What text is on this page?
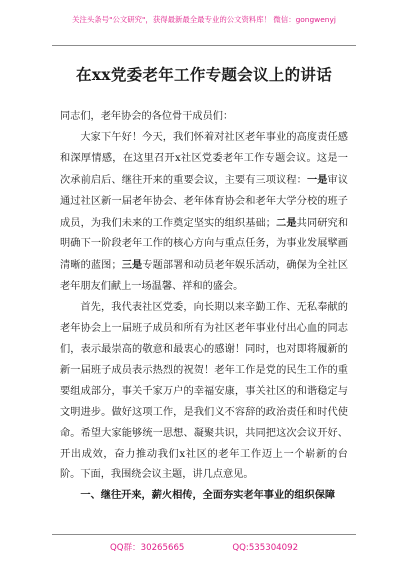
关注头条号"公文研究"，获得最新最全最专业的公文资料库！ 微信：gongwenyj
在xx党委老年工作专题会议上的讲话

同志们，老年协会的各位骨干成员们：

大家下午好！今天，我们怀着对社区老年事业的高度责任感和深厚情感，在这里召开x社区党委老年工作专题会议。这是一次承前启后、继往开来的重要会议，主要有三项议程：一是审议通过社区新一届老年协会、老年体育协会和老年大学分校的班子成员，为我们未来的工作奠定坚实的组织基础；二是共同研究和明确下一阶段老年工作的核心方向与重点任务，为事业发展擘画清晰的蓝图；三是专题部署和动员老年娱乐活动，确保为全社区老年朋友们献上一场温馨、祥和的盛会。

首先，我代表社区党委，向长期以来辛勤工作、无私奉献的老年协会上一届班子成员和所有为社区老年事业付出心血的同志们，表示最崇高的敬意和最衷心的感谢！同时，也对即将履新的新一届班子成员表示热烈的祝贺！老年工作是党的民生工作的重要组成部分，事关千家万户的幸福安康，事关社区的和谐稳定与文明进步。做好这项工作，是我们义不容辞的政治责任和时代使命。希望大家能够统一思想、凝聚共识，共同把这次会议开好、开出成效，奋力推动我们x社区的老年工作迈上一个崭新的台阶。下面，我围绕会议主题，讲几点意见。

一、继往开来，薪火相传，全面夯实老年事业的组织保障

QQ群：30265665	QQ:535304092
